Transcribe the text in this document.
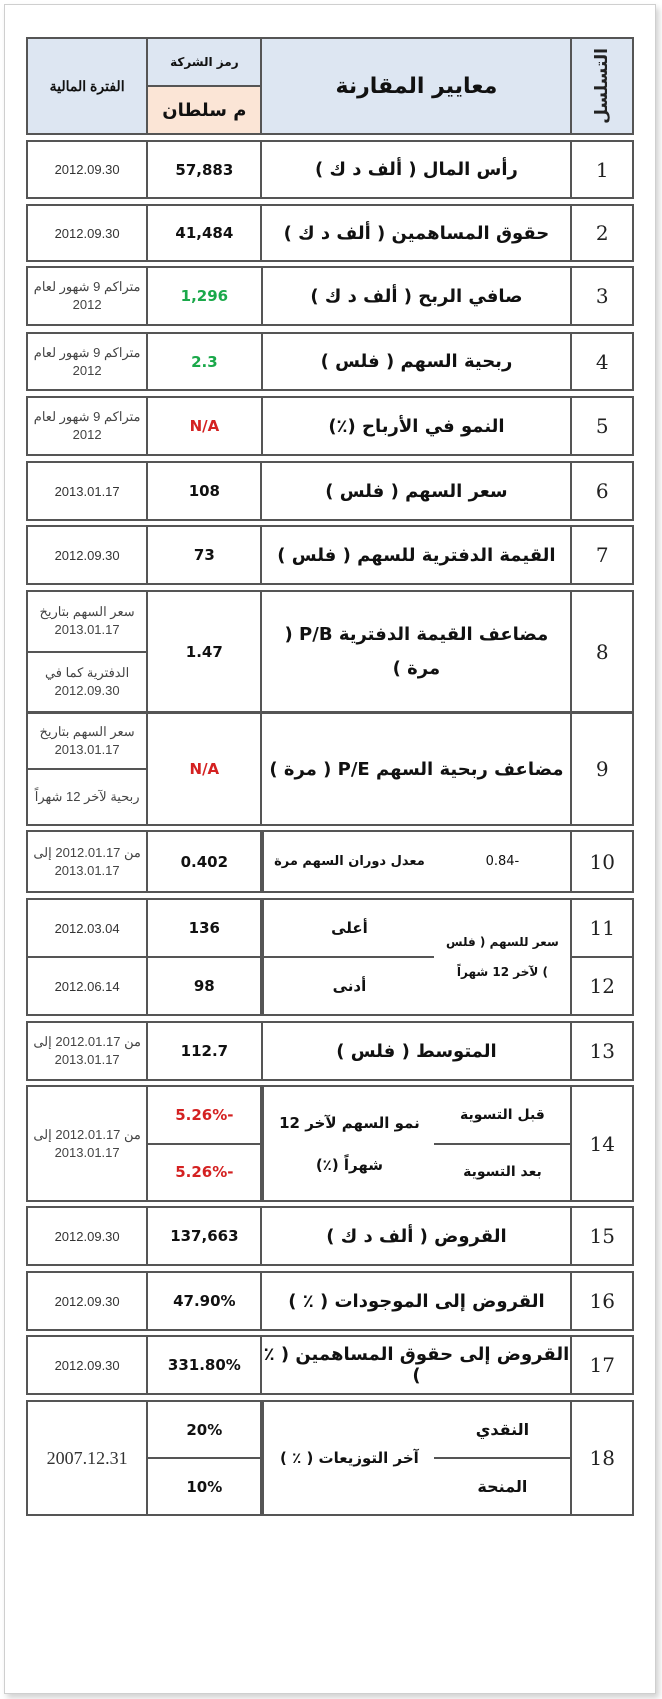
التسلسل
معايير المقارنة
رمز الشركة
م سلطان
الفترة المالية
1
رأس المال ( ألف د ك )
57,883
2012.09.30
2
حقوق المساهمين ( ألف د ك )
41,484
2012.09.30
3
صافي الربح ( ألف د ك )
1,296
متراكم 9 شهور لعام 2012
4
ربحية السهم ( فلس )
2.3
متراكم 9 شهور لعام 2012
5
النمو في الأرباح (٪)
N/A
متراكم 9 شهور لعام 2012
6
سعر السهم ( فلس )
108
2013.01.17
7
القيمة الدفترية للسهم ( فلس )
73
2012.09.30
8
مضاعف القيمة الدفترية P/B ( مرة )
1.47
سعر السهم بتاريخ 2013.01.17
الدفترية كما في 2012.09.30
9
مضاعف ربحية السهم P/E ( مرة )
N/A
سعر السهم بتاريخ 2013.01.17
ربحية لآخر 12 شهراً
10
معدل دوران السهم مرة	0.84-
0.402
من 2012.01.17 إلى 2013.01.17
11
12
أعلى
أدنى
سعر للسهم ( فلس ) لآخر 12 شهراً
136
98
2012.03.04
2012.06.14
13
المتوسط ( فلس )
112.7
من 2012.01.17 إلى 2013.01.17
14
نمو السهم لآخر 12 شهراً (٪)
قبل التسوية
بعد التسوية
-5.26%
-5.26%
من 2012.01.17 إلى 2013.01.17
15
القروض ( ألف د ك )
137,663
2012.09.30
16
القروض إلى الموجودات ( ٪ )
47.90%
2012.09.30
17
القروض إلى حقوق المساهمين ( ٪ )
331.80%
2012.09.30
18
آخر التوزيعات ( ٪ )
النقدي
المنحة
20%
10%
2007.12.31
